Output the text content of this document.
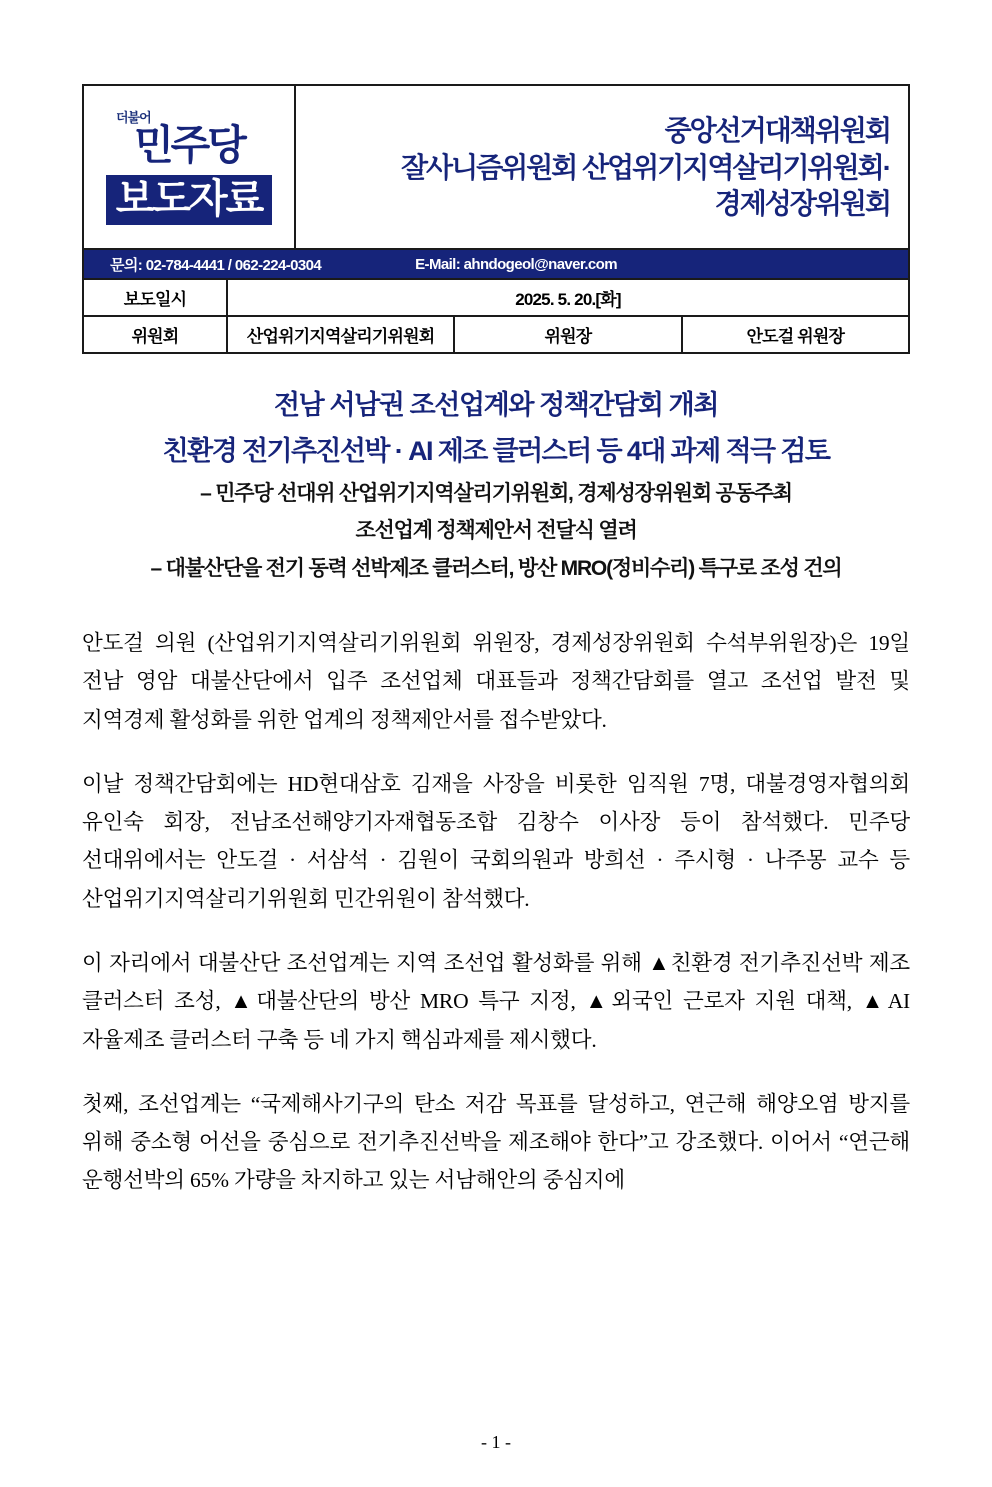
더불어
민주당
보도자료
중앙선거대책위원회
잘사니즘위원회 산업위기지역살리기위원회·
경제성장위원회
문의: 02-784-4441 / 062-224-0304	E-Mail: ahndogeol@naver.com
보도일시	2025. 5. 20.[화]		
위원회	산업위기지역살리기위원회	위원장	안도걸 위원장
전남 서남권 조선업계와 정책간담회 개최
친환경 전기추진선박 · AI 제조 클러스터 등 4대 과제 적극 검토
– 민주당 선대위 산업위기지역살리기위원회, 경제성장위원회 공동주최
조선업계 정책제안서 전달식 열려
– 대불산단을 전기 동력 선박제조 클러스터, 방산 MRO(정비수리) 특구로 조성 건의

안도걸 의원 (산업위기지역살리기위원회 위원장, 경제성장위원회 수석부위원장)은 19일 전남 영암 대불산단에서 입주 조선업체 대표들과 정책간담회를 열고 조선업 발전 및 지역경제 활성화를 위한 업계의 정책제안서를 접수받았다.

이날 정책간담회에는 HD현대삼호 김재을 사장을 비롯한 임직원 7명, 대불경영자협의회 유인숙 회장, 전남조선해양기자재협동조합 김창수 이사장 등이 참석했다. 민주당 선대위에서는 안도걸 · 서삼석 · 김원이 국회의원과 방희선 · 주시형 · 나주몽 교수 등 산업위기지역살리기위원회 민간위원이 참석했다.

이 자리에서 대불산단 조선업계는 지역 조선업 활성화를 위해 ▲친환경 전기추진선박 제조 클러스터 조성, ▲대불산단의 방산 MRO 특구 지정, ▲외국인 근로자 지원 대책, ▲AI 자율제조 클러스터 구축 등 네 가지 핵심과제를 제시했다.

첫째, 조선업계는 “국제해사기구의 탄소 저감 목표를 달성하고, 연근해 해양오염 방지를 위해 중소형 어선을 중심으로 전기추진선박을 제조해야 한다”고 강조했다. 이어서 “연근해 운행선박의 65% 가량을 차지하고 있는 서남해안의 중심지에

- 1 -
